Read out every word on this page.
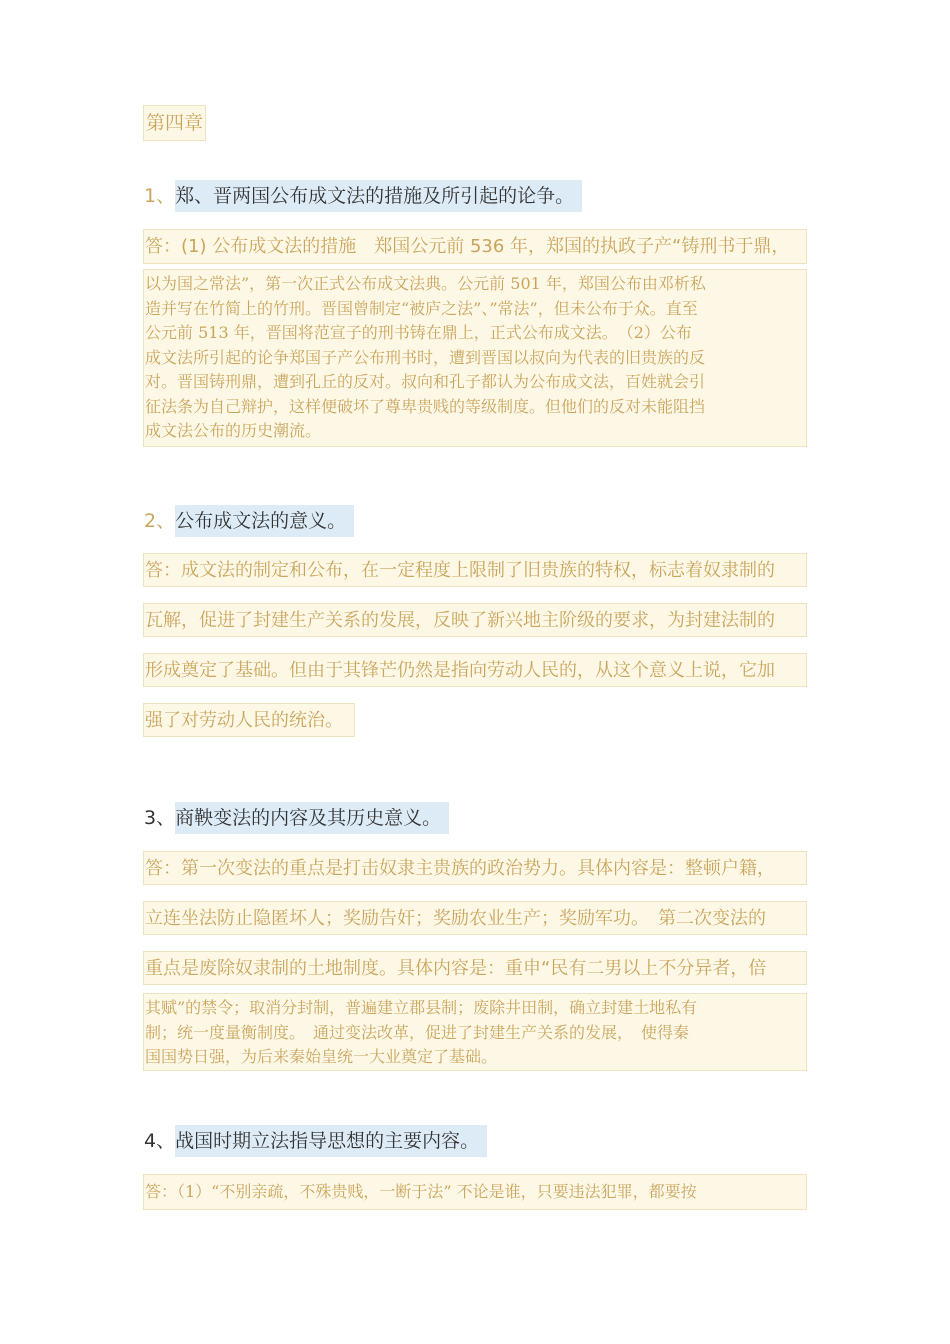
第四章
1、郑、晋两国公布成文法的措施及所引起的论争。
答：(1) 公布成文法的措施　郑国公元前 536 年，郑国的执政子产“铸刑书于鼎，
以为国之常法”，第一次正式公布成文法典。公元前 501 年，郑国公布由邓析私
造并写在竹简上的竹刑。晋国曾制定“被庐之法”、”常法”，但未公布于众。直至
公元前 513 年，晋国将范宣子的刑书铸在鼎上，正式公布成文法。　（2）公布
成文法所引起的论争郑国子产公布刑书时，遭到晋国以叔向为代表的旧贵族的反
对。晋国铸刑鼎，遭到孔丘的反对。叔向和孔子都认为公布成文法，百姓就会引
征法条为自己辩护，这样便破坏了尊卑贵贱的等级制度。但他们的反对未能阻挡
成文法公布的历史潮流。
2、公布成文法的意义。
答：成文法的制定和公布，在一定程度上限制了旧贵族的特权，标志着奴隶制的
瓦解，促进了封建生产关系的发展，反映了新兴地主阶级的要求，为封建法制的
形成奠定了基础。但由于其锋芒仍然是指向劳动人民的，从这个意义上说，它加
强了对劳动人民的统治。
3、商鞅变法的内容及其历史意义。
答：第一次变法的重点是打击奴隶主贵族的政治势力。具体内容是：整顿户籍，
立连坐法防止隐匿坏人；奖励告奸；奖励农业生产；奖励军功。　第二次变法的
重点是废除奴隶制的土地制度。具体内容是：重申“民有二男以上不分异者，倍
其赋”的禁令；取消分封制，普遍建立郡县制；废除井田制，确立封建土地私有
制；统一度量衡制度。　通过变法改革，促进了封建生产关系的发展，　使得秦
国国势日强，为后来秦始皇统一大业奠定了基础。
4、战国时期立法指导思想的主要内容。
答：（1）“不别亲疏，不殊贵贱，一断于法” 不论是谁，只要违法犯罪，都要按
